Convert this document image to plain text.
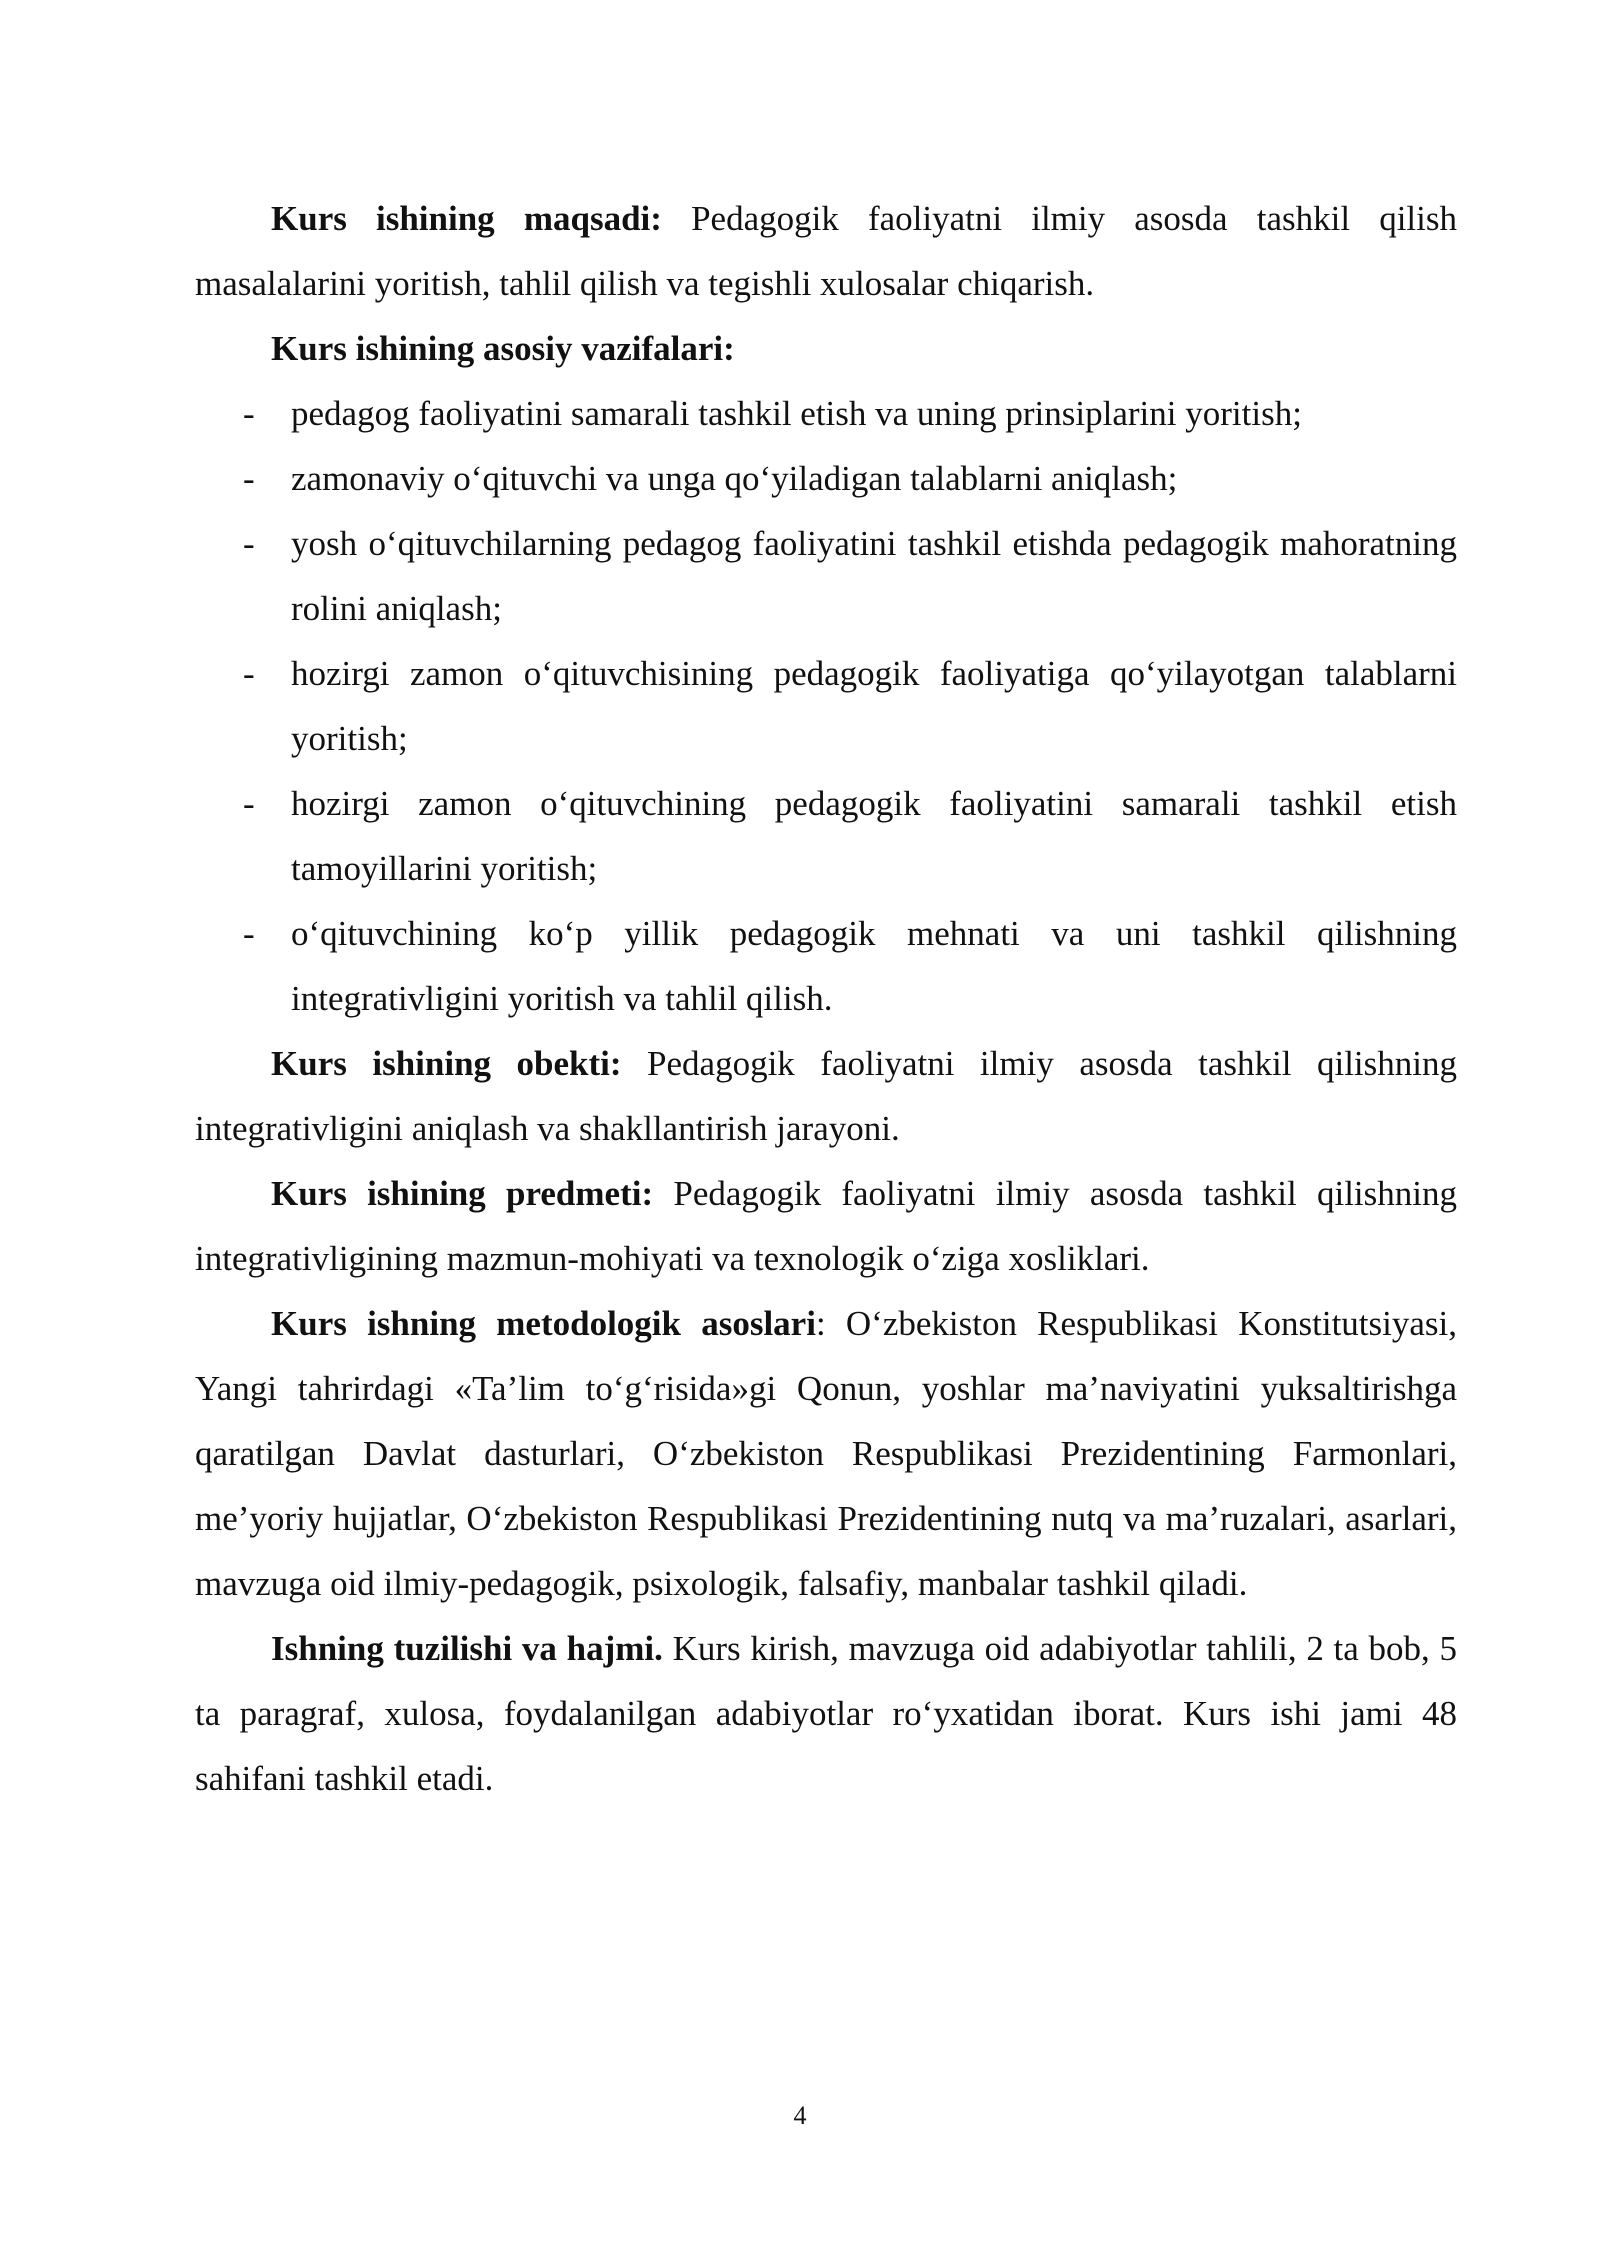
Kurs ishining maqsadi: Pedagogik faoliyatni ilmiy asosda tashkil qilish masalalarini yoritish, tahlil qilish va tegishli xulosalar chiqarish.

Kurs ishining asosiy vazifalari:

- pedagog faoliyatini samarali tashkil etish va uning prinsiplarini yoritish;
- zamonaviy o‘qituvchi va unga qo‘yiladigan talablarni aniqlash;
- yosh o‘qituvchilarning pedagog faoliyatini tashkil etishda pedagogik mahoratning rolini aniqlash;
- hozirgi zamon o‘qituvchisining pedagogik faoliyatiga qo‘yilayotgan talablarni yoritish;
- hozirgi zamon o‘qituvchining pedagogik faoliyatini samarali tashkil etish tamoyillarini yoritish;
- o‘qituvchining ko‘p yillik pedagogik mehnati va uni tashkil qilishning integrativligini yoritish va tahlil qilish.

Kurs ishining obekti: Pedagogik faoliyatni ilmiy asosda tashkil qilishning integrativligini aniqlash va shakllantirish jarayoni.

Kurs ishining predmeti: Pedagogik faoliyatni ilmiy asosda tashkil qilishning integrativligining mazmun-mohiyati va texnologik o‘ziga xosliklari.

Kurs ishning metodologik asoslari: O‘zbekiston Respublikasi Konstitutsiyasi, Yangi tahrirdagi «Ta’lim to‘g‘risida»gi Qonun, yoshlar ma’naviyatini yuksaltirishga qaratilgan Davlat dasturlari, O‘zbekiston Respublikasi Prezidentining Farmonlari, me’yoriy hujjatlar, O‘zbekiston Respublikasi Prezidentining nutq va ma’ruzalari, asarlari, mavzuga oid ilmiy-pedagogik, psixologik, falsafiy, manbalar tashkil qiladi.

Ishning tuzilishi va hajmi. Kurs kirish, mavzuga oid adabiyotlar tahlili, 2 ta bob, 5 ta paragraf, xulosa, foydalanilgan adabiyotlar ro‘yxatidan iborat. Kurs ishi jami 48 sahifani tashkil etadi.

4
